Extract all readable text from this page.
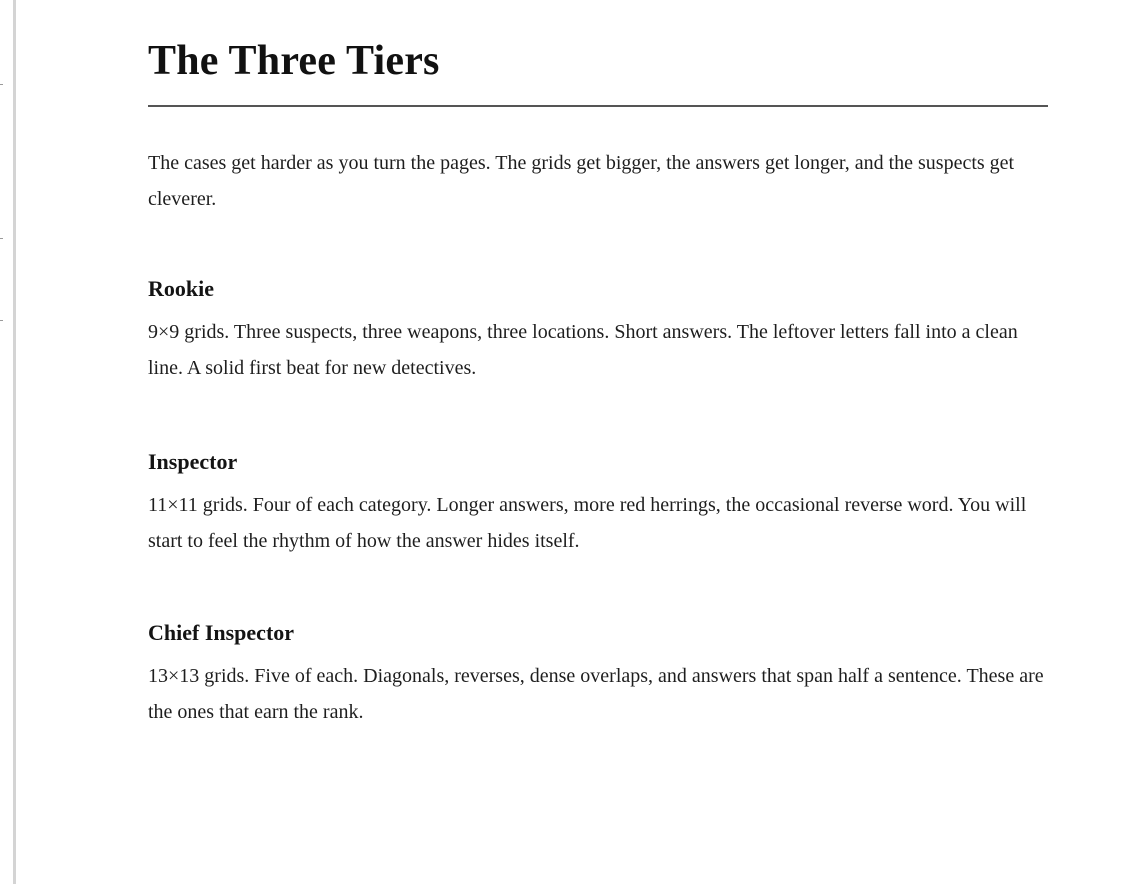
The Three Tiers

The cases get harder as you turn the pages. The grids get bigger, the answers get longer, and the suspects get cleverer.

Rookie

9×9 grids. Three suspects, three weapons, three locations. Short answers. The leftover letters fall into a clean line. A solid first beat for new detectives.

Inspector

11×11 grids. Four of each category. Longer answers, more red herrings, the occasional reverse word. You will start to feel the rhythm of how the answer hides itself.

Chief Inspector

13×13 grids. Five of each. Diagonals, reverses, dense overlaps, and answers that span half a sentence. These are the ones that earn the rank.
